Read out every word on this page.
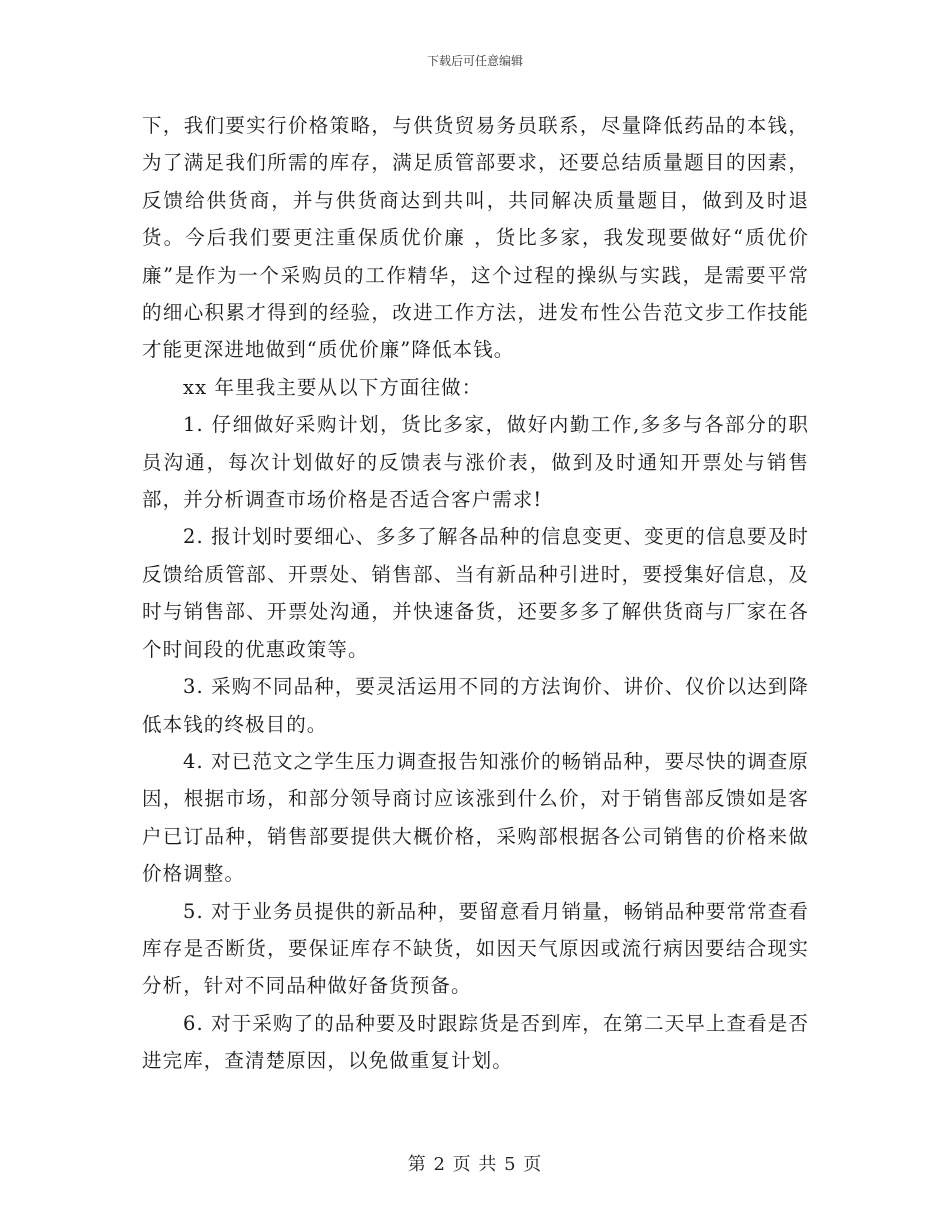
下载后可任意编辑

下，我们要实行价格策略，与供货贸易务员联系，尽量降低药品的本钱，为了满足我们所需的库存，满足质管部要求，还要总结质量题目的因素，反馈给供货商，并与供货商达到共叫，共同解决质量题目，做到及时退货。今后我们要更注重保质优价廉 ，货比多家，我发现要做好“质优价廉”是作为一个采购员的工作精华，这个过程的操纵与实践，是需要平常的细心积累才得到的经验，改进工作方法，进发布性公告范文步工作技能才能更深进地做到“质优价廉”降低本钱。

xx 年里我主要从以下方面往做：

1. 仔细做好采购计划，货比多家，做好内勤工作,多多与各部分的职员沟通，每次计划做好的反馈表与涨价表，做到及时通知开票处与销售部，并分析调查市场价格是否适合客户需求!

2. 报计划时要细心、多多了解各品种的信息变更、变更的信息要及时反馈给质管部、开票处、销售部、当有新品种引进时，要授集好信息，及时与销售部、开票处沟通，并快速备货，还要多多了解供货商与厂家在各个时间段的优惠政策等。

3. 采购不同品种，要灵活运用不同的方法询价、讲价、仪价以达到降低本钱的终极目的。

4. 对已范文之学生压力调查报告知涨价的畅销品种，要尽快的调查原因，根据市场，和部分领导商讨应该涨到什么价，对于销售部反馈如是客户已订品种，销售部要提供大概价格，采购部根据各公司销售的价格来做价格调整。

5. 对于业务员提供的新品种，要留意看月销量，畅销品种要常常查看库存是否断货，要保证库存不缺货，如因天气原因或流行病因要结合现实分析，针对不同品种做好备货预备。

6. 对于采购了的品种要及时跟踪货是否到库，在第二天早上查看是否进完库，查清楚原因，以免做重复计划。

第 2 页 共 5 页
